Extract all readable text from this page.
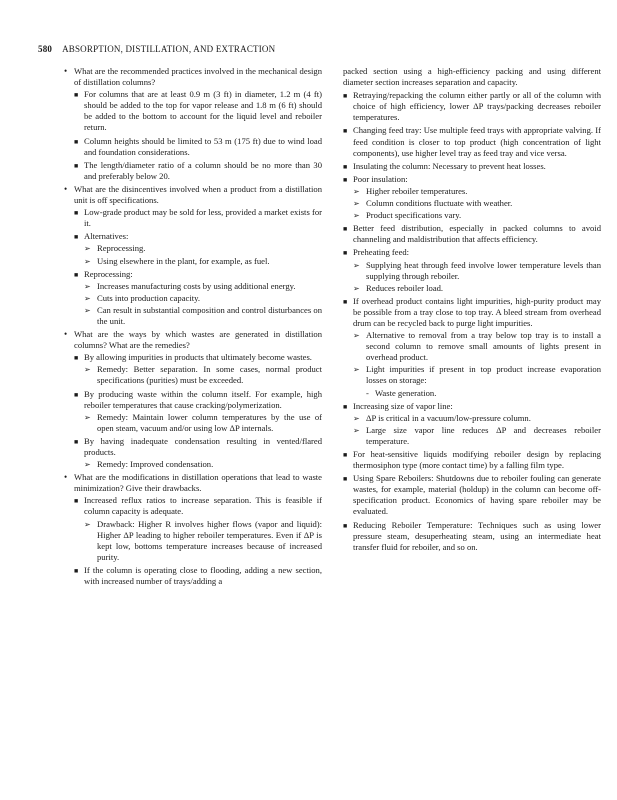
580 ABSORPTION, DISTILLATION, AND EXTRACTION
• What are the recommended practices involved in the mechanical design of distillation columns?
■ For columns that are at least 0.9 m (3 ft) in diameter, 1.2 m (4 ft) should be added to the top for vapor release and 1.8 m (6 ft) should be added to the bottom to account for the liquid level and reboiler return.
■ Column heights should be limited to 53 m (175 ft) due to wind load and foundation considerations.
■ The length/diameter ratio of a column should be no more than 30 and preferably below 20.
• What are the disincentives involved when a product from a distillation unit is off specifications.
■ Low-grade product may be sold for less, provided a market exists for it.
■ Alternatives:
➢ Reprocessing.
➢ Using elsewhere in the plant, for example, as fuel.
■ Reprocessing:
➢ Increases manufacturing costs by using additional energy.
➢ Cuts into production capacity.
➢ Can result in substantial composition and control disturbances on the unit.
• What are the ways by which wastes are generated in distillation columns? What are the remedies?
■ By allowing impurities in products that ultimately become wastes.
➢ Remedy: Better separation. In some cases, normal product specifications (purities) must be exceeded.
■ By producing waste within the column itself. For example, high reboiler temperatures that cause cracking/polymerization.
➢ Remedy: Maintain lower column temperatures by the use of open steam, vacuum and/or using low ΔP internals.
■ By having inadequate condensation resulting in vented/flared products.
➢ Remedy: Improved condensation.
• What are the modifications in distillation operations that lead to waste minimization? Give their drawbacks.
■ Increased reflux ratios to increase separation. This is feasible if column capacity is adequate.
➢ Drawback: Higher R involves higher flows (vapor and liquid): Higher ΔP leading to higher reboiler temperatures. Even if ΔP is kept low, bottoms temperature increases because of increased purity.
■ If the column is operating close to flooding, adding a new section, with increased number of trays/adding a
packed section using a high-efficiency packing and using different diameter section increases separation and capacity.
■ Retraying/repacking the column either partly or all of the column with choice of high efficiency, lower ΔP trays/packing decreases reboiler temperatures.
■ Changing feed tray: Use multiple feed trays with appropriate valving. If feed condition is closer to top product (high concentration of light components), use higher level tray as feed tray and vice versa.
■ Insulating the column: Necessary to prevent heat losses.
■ Poor insulation:
➢ Higher reboiler temperatures.
➢ Column conditions fluctuate with weather.
➢ Product specifications vary.
■ Better feed distribution, especially in packed columns to avoid channeling and maldistribution that affects efficiency.
■ Preheating feed:
➢ Supplying heat through feed involve lower temperature levels than supplying through reboiler.
➢ Reduces reboiler load.
■ If overhead product contains light impurities, high-purity product may be possible from a tray close to top tray. A bleed stream from overhead drum can be recycled back to purge light impurities.
➢ Alternative to removal from a tray below top tray is to install a second column to remove small amounts of lights present in overhead product.
➢ Light impurities if present in top product increase evaporation losses on storage:
- Waste generation.
■ Increasing size of vapor line:
➢ ΔP is critical in a vacuum/low-pressure column.
➢ Large size vapor line reduces ΔP and decreases reboiler temperature.
■ For heat-sensitive liquids modifying reboiler design by replacing thermosiphon type (more contact time) by a falling film type.
■ Using Spare Reboilers: Shutdowns due to reboiler fouling can generate wastes, for example, material (holdup) in the column can become off-specification product. Economics of having spare reboiler may be evaluated.
■ Reducing Reboiler Temperature: Techniques such as using lower pressure steam, desuperheating steam, using an intermediate heat transfer fluid for reboiler, and so on.
